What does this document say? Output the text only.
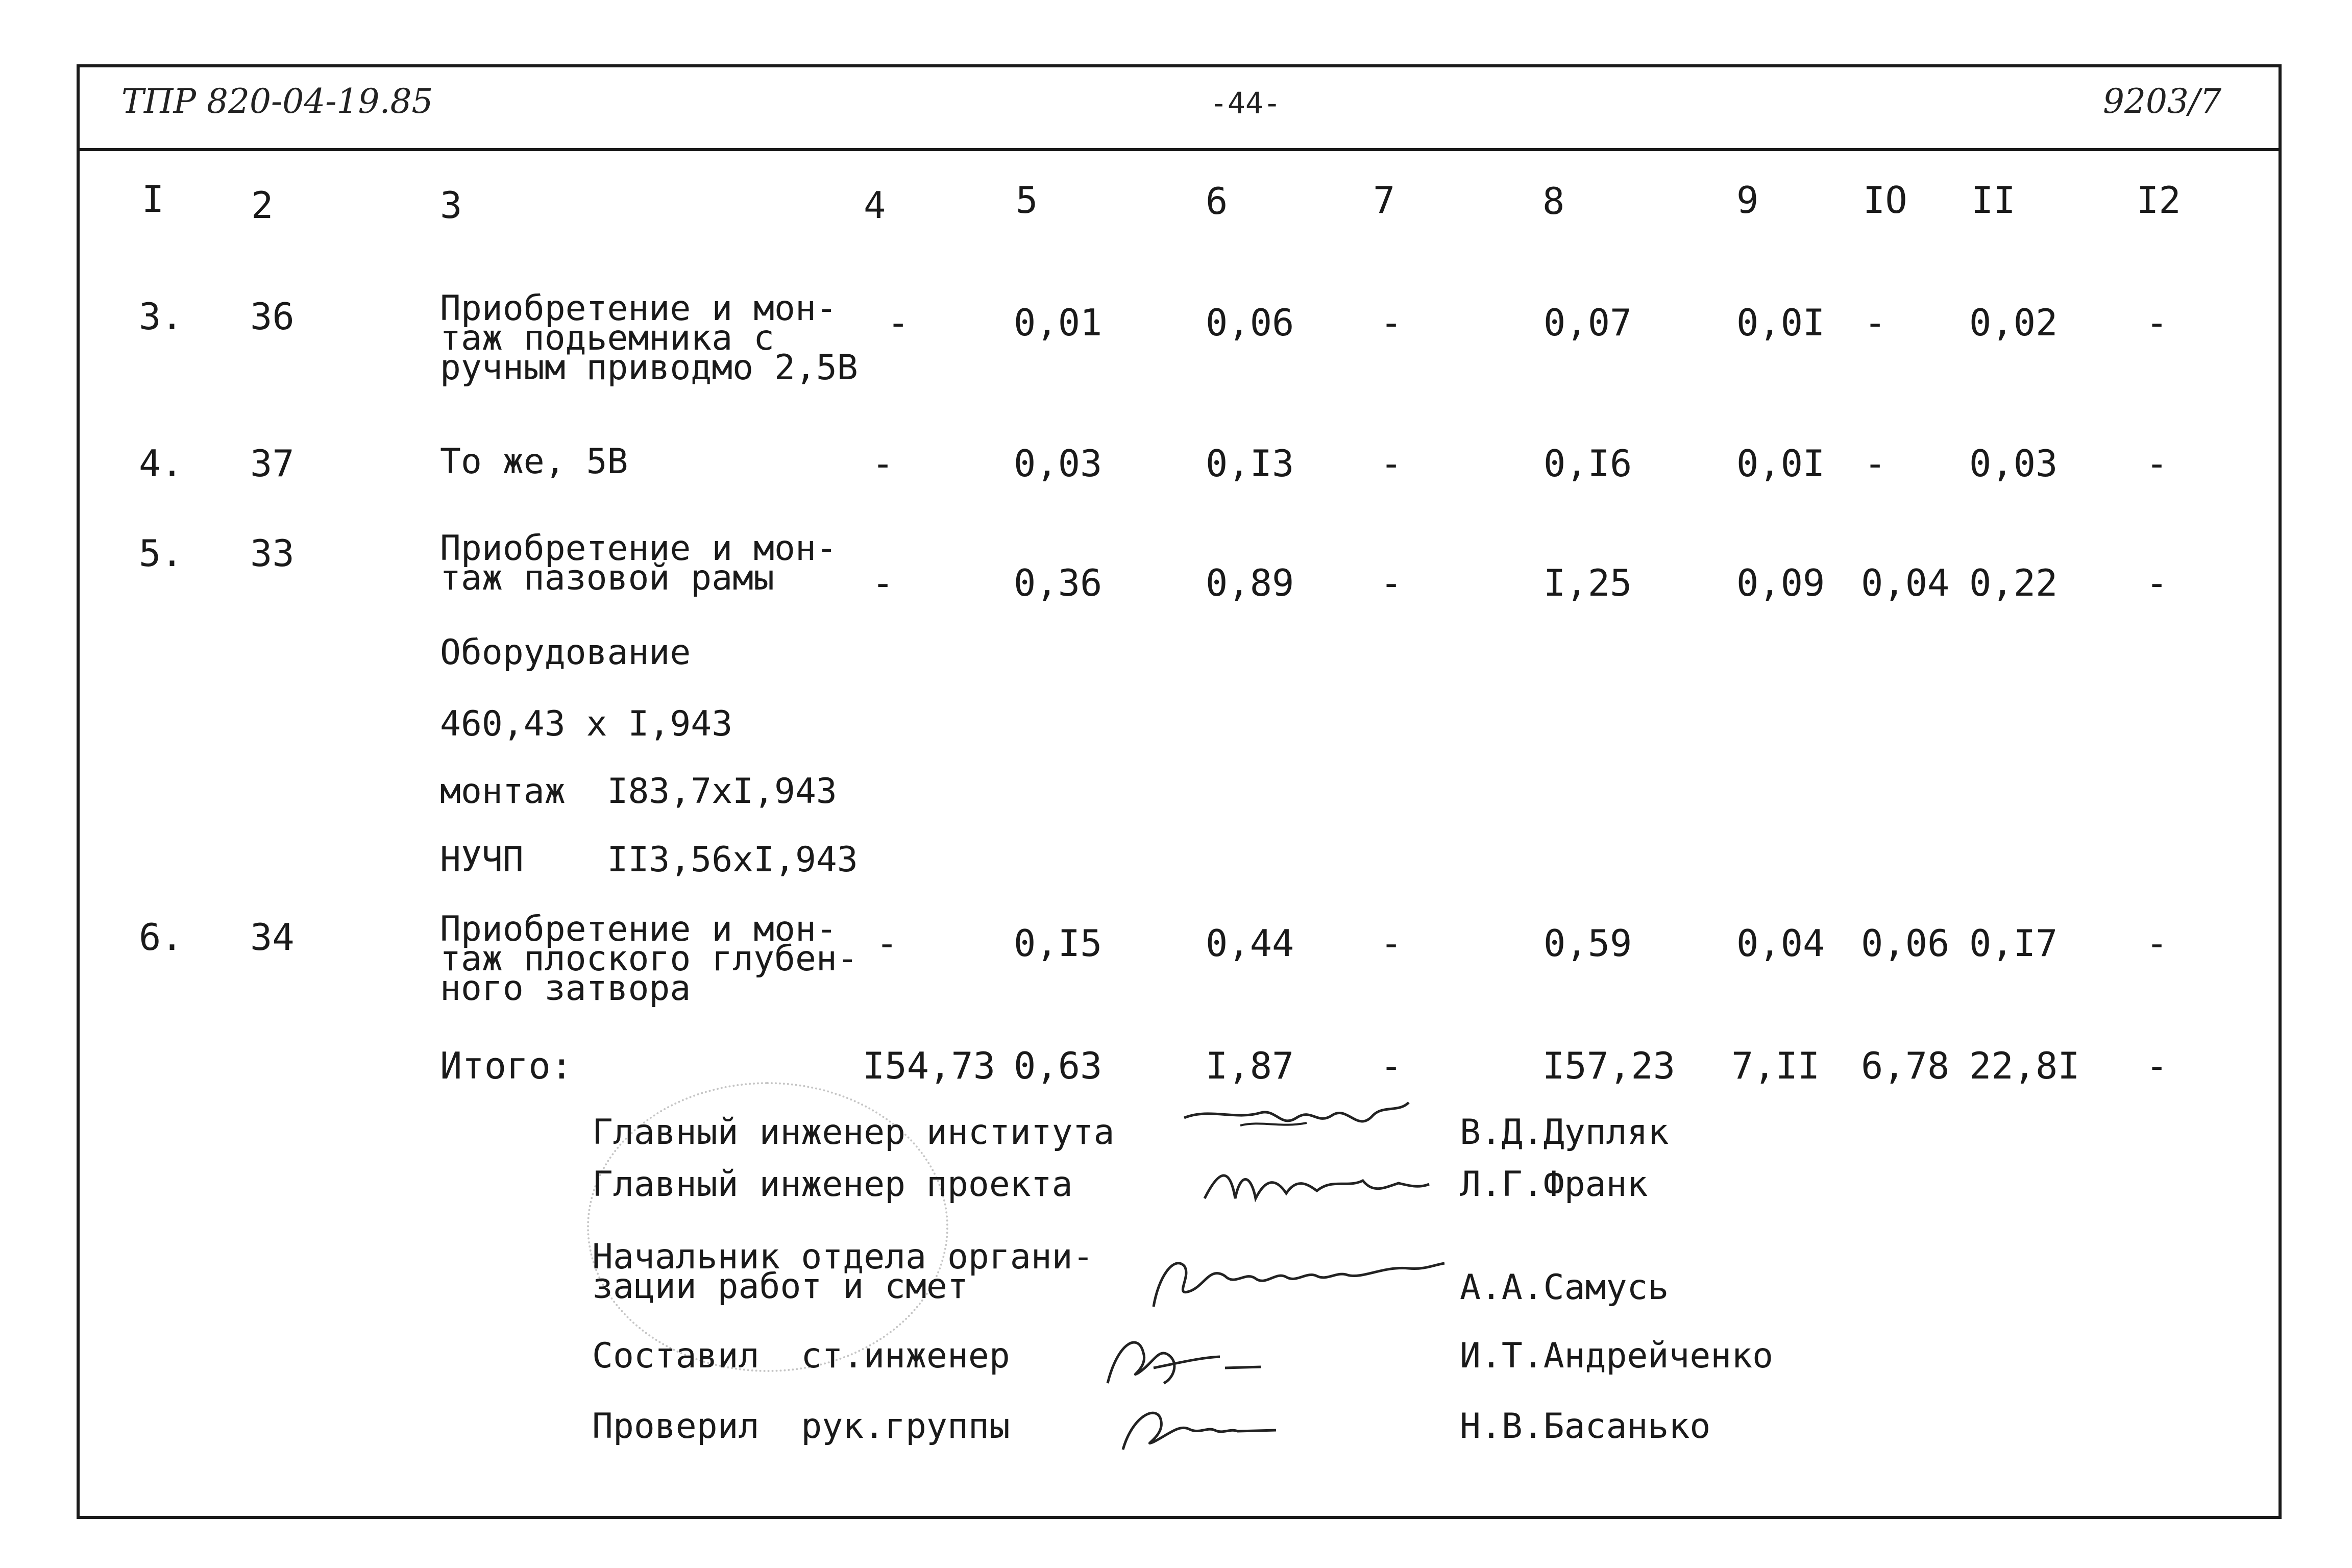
ТПР 820-04-19.85	-44-	9203/7
I 2	3	4	5	6	7	8	9	IO II	I2
3. 36	Приобретение и мон-
таж подьемника с
ручным приводмо 2,5В
-	0,01	0,06 -	0,07	0,0I - 0,02 -
4. 37	То же, 5В	-	0,03	0,I3 -	0,I6	0,0I - 0,03 -
5. 33	Приобретение и мон-
таж пазовой рамы	-	0,36	0,89 -	I,25	0,09 0,04 0,22 -
Оборудование
460,43 х I,943
монтаж  I83,7хI,943
НУЧП    II3,56хI,943
6. 34	Приобретение и мон-
таж плоского глубен-
ного затвора
-	0,I5	0,44 -	0,59	0,04 0,06 0,I7 -
Итого:	I54,73 0,63	I,87 -	I57,23 7,II 6,78 22,8I -
Главный инженер института
Главный инженер проекта
Начальник отдела органи-
зации работ и смет
Составил  ст.инженер
Проверил  рук.группы
В.Д.Дупляк
Л.Г.Франк
А.А.Самусь
И.Т.Андрейченко
Н.В.Басанько
